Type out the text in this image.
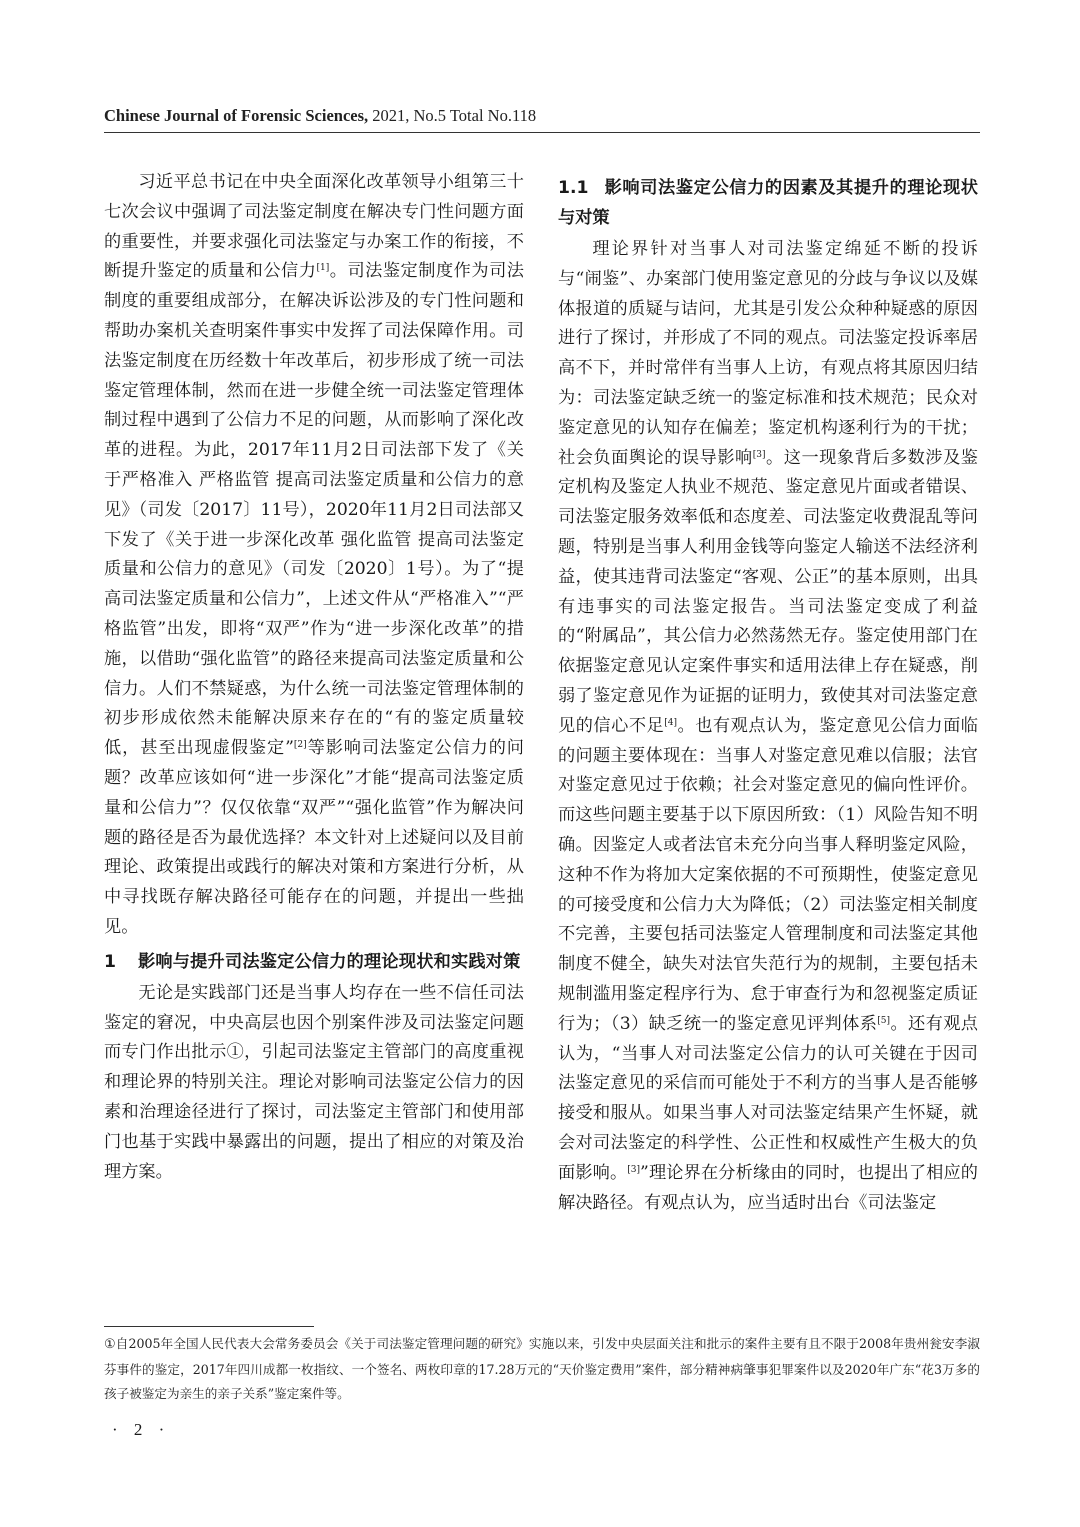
Chinese Journal of Forensic Sciences, 2021, No.5 Total No.118

习近平总书记在中央全面深化改革领导小组第三十七次会议中强调了司法鉴定制度在解决专门性问题方面的重要性，并要求强化司法鉴定与办案工作的衔接，不断提升鉴定的质量和公信力[1]。司法鉴定制度作为司法制度的重要组成部分，在解决诉讼涉及的专门性问题和帮助办案机关查明案件事实中发挥了司法保障作用。司法鉴定制度在历经数十年改革后，初步形成了统一司法鉴定管理体制，然而在进一步健全统一司法鉴定管理体制过程中遇到了公信力不足的问题，从而影响了深化改革的进程。为此，2017年11月2日司法部下发了《关于严格准入 严格监管 提高司法鉴定质量和公信力的意见》（司发〔2017〕11号），2020年11月2日司法部又下发了《关于进一步深化改革 强化监管 提高司法鉴定质量和公信力的意见》（司发〔2020〕1号）。为了“提高司法鉴定质量和公信力”，上述文件从“严格准入”“严格监管”出发，即将“双严”作为“进一步深化改革”的措施，以借助“强化监管”的路径来提高司法鉴定质量和公信力。人们不禁疑惑，为什么统一司法鉴定管理体制的初步形成依然未能解决原来存在的“有的鉴定质量较低，甚至出现虚假鉴定”[2]等影响司法鉴定公信力的问题？改革应该如何“进一步深化”才能“提高司法鉴定质量和公信力”？仅仅依靠“双严”“强化监管”作为解决问题的路径是否为最优选择？本文针对上述疑问以及目前理论、政策提出或践行的解决对策和方案进行分析，从中寻找既存解决路径可能存在的问题，并提出一些拙见。

1 影响与提升司法鉴定公信力的理论现状和实践对策

无论是实践部门还是当事人均存在一些不信任司法鉴定的窘况，中央高层也因个别案件涉及司法鉴定问题而专门作出批示①，引起司法鉴定主管部门的高度重视和理论界的特别关注。理论对影响司法鉴定公信力的因素和治理途径进行了探讨，司法鉴定主管部门和使用部门也基于实践中暴露出的问题，提出了相应的对策及治理方案。

1.1 影响司法鉴定公信力的因素及其提升的理论现状与对策

理论界针对当事人对司法鉴定绵延不断的投诉与“闹鉴”、办案部门使用鉴定意见的分歧与争议以及媒体报道的质疑与诘问，尤其是引发公众种种疑惑的原因进行了探讨，并形成了不同的观点。司法鉴定投诉率居高不下，并时常伴有当事人上访，有观点将其原因归结为：司法鉴定缺乏统一的鉴定标准和技术规范；民众对鉴定意见的认知存在偏差；鉴定机构逐利行为的干扰；社会负面舆论的误导影响[3]。这一现象背后多数涉及鉴定机构及鉴定人执业不规范、鉴定意见片面或者错误、司法鉴定服务效率低和态度差、司法鉴定收费混乱等问题，特别是当事人利用金钱等向鉴定人输送不法经济利益，使其违背司法鉴定“客观、公正”的基本原则，出具有违事实的司法鉴定报告。当司法鉴定变成了利益的“附属品”，其公信力必然荡然无存。鉴定使用部门在依据鉴定意见认定案件事实和适用法律上存在疑惑，削弱了鉴定意见作为证据的证明力，致使其对司法鉴定意见的信心不足[4]。也有观点认为，鉴定意见公信力面临的问题主要体现在：当事人对鉴定意见难以信服；法官对鉴定意见过于依赖；社会对鉴定意见的偏向性评价。而这些问题主要基于以下原因所致：（1）风险告知不明确。因鉴定人或者法官未充分向当事人释明鉴定风险，这种不作为将加大定案依据的不可预期性，使鉴定意见的可接受度和公信力大为降低；（2）司法鉴定相关制度不完善，主要包括司法鉴定人管理制度和司法鉴定其他制度不健全，缺失对法官失范行为的规制，主要包括未规制滥用鉴定程序行为、怠于审查行为和忽视鉴定质证行为；（3）缺乏统一的鉴定意见评判体系[5]。还有观点认为，“当事人对司法鉴定公信力的认可关键在于因司法鉴定意见的采信而可能处于不利方的当事人是否能够接受和服从。如果当事人对司法鉴定结果产生怀疑，就会对司法鉴定的科学性、公正性和权威性产生极大的负面影响。[3]”理论界在分析缘由的同时，也提出了相应的解决路径。有观点认为，应当适时出台《司法鉴定

①自2005年全国人民代表大会常务委员会《关于司法鉴定管理问题的研究》实施以来，引发中央层面关注和批示的案件主要有且不限于2008年贵州瓮安李淑芬事件的鉴定，2017年四川成都一枚指纹、一个签名、两枚印章的17.28万元的“天价鉴定费用”案件，部分精神病肇事犯罪案件以及2020年广东“花3万多的孩子被鉴定为亲生的亲子关系”鉴定案件等。
· 2 ·
